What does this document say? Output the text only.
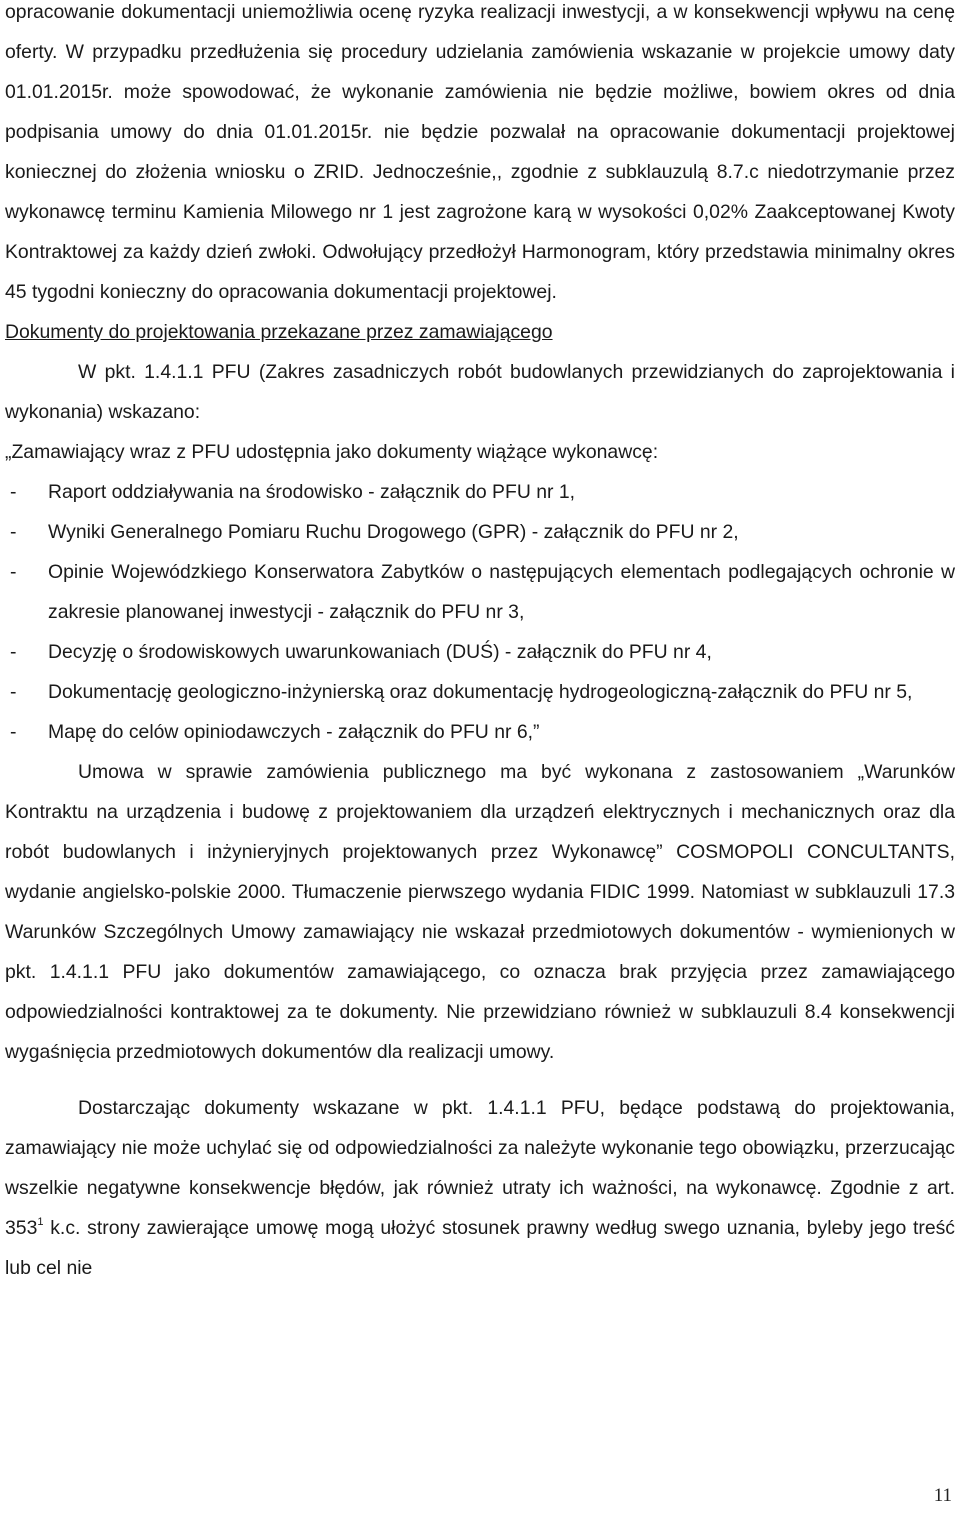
opracowanie dokumentacji uniemożliwia ocenę ryzyka realizacji inwestycji, a w konsekwencji wpływu na cenę oferty. W przypadku przedłużenia się procedury udzielania zamówienia wskazanie w projekcie umowy daty 01.01.2015r. może spowodować, że wykonanie zamówienia nie będzie możliwe, bowiem okres od dnia podpisania umowy do dnia 01.01.2015r. nie będzie pozwalał na opracowanie dokumentacji projektowej koniecznej do złożenia wniosku o ZRID. Jednocześnie,, zgodnie z subklauzulą 8.7.c niedotrzymanie przez wykonawcę terminu Kamienia Milowego nr 1 jest zagrożone karą w wysokości 0,02% Zaakceptowanej Kwoty Kontraktowej za każdy dzień zwłoki. Odwołujący przedłożył Harmonogram, który przedstawia minimalny okres 45 tygodni konieczny do opracowania dokumentacji projektowej.

Dokumenty do projektowania przekazane przez zamawiającego

W pkt. 1.4.1.1 PFU (Zakres zasadniczych robót budowlanych przewidzianych do zaprojektowania i wykonania) wskazano:

„Zamawiający wraz z PFU udostępnia jako dokumenty wiążące wykonawcę:

- Raport oddziaływania na środowisko - załącznik do PFU nr 1,
- Wyniki Generalnego Pomiaru Ruchu Drogowego (GPR) - załącznik do PFU nr 2,
- Opinie Wojewódzkiego Konserwatora Zabytków o następujących elementach podlegających ochronie w zakresie planowanej inwestycji - załącznik do PFU nr 3,
- Decyzję o środowiskowych uwarunkowaniach (DUŚ) - załącznik do PFU nr 4,
- Dokumentację geologiczno-inżynierską oraz dokumentację hydrogeologiczną-załącznik do PFU nr 5,
- Mapę do celów opiniodawczych - załącznik do PFU nr 6,”

Umowa w sprawie zamówienia publicznego ma być wykonana z zastosowaniem „Warunków Kontraktu na urządzenia i budowę z projektowaniem dla urządzeń elektrycznych i mechanicznych oraz dla robót budowlanych i inżynieryjnych projektowanych przez Wykonawcę” COSMOPOLI CONCULTANTS, wydanie angielsko-polskie 2000. Tłumaczenie pierwszego wydania FIDIC 1999. Natomiast w subklauzuli 17.3 Warunków Szczególnych Umowy zamawiający nie wskazał przedmiotowych dokumentów - wymienionych w pkt. 1.4.1.1 PFU jako dokumentów zamawiającego, co oznacza brak przyjęcia przez zamawiającego odpowiedzialności kontraktowej za te dokumenty. Nie przewidziano również w subklauzuli 8.4 konsekwencji wygaśnięcia przedmiotowych dokumentów dla realizacji umowy.

Dostarczając dokumenty wskazane w pkt. 1.4.1.1 PFU, będące podstawą do projektowania, zamawiający nie może uchylać się od odpowiedzialności za należyte wykonanie tego obowiązku, przerzucając wszelkie negatywne konsekwencje błędów, jak również utraty ich ważności, na wykonawcę. Zgodnie z art. $353^1$ k.c. strony zawierające umowę mogą ułożyć stosunek prawny według swego uznania, byleby jego treść lub cel nie

11
